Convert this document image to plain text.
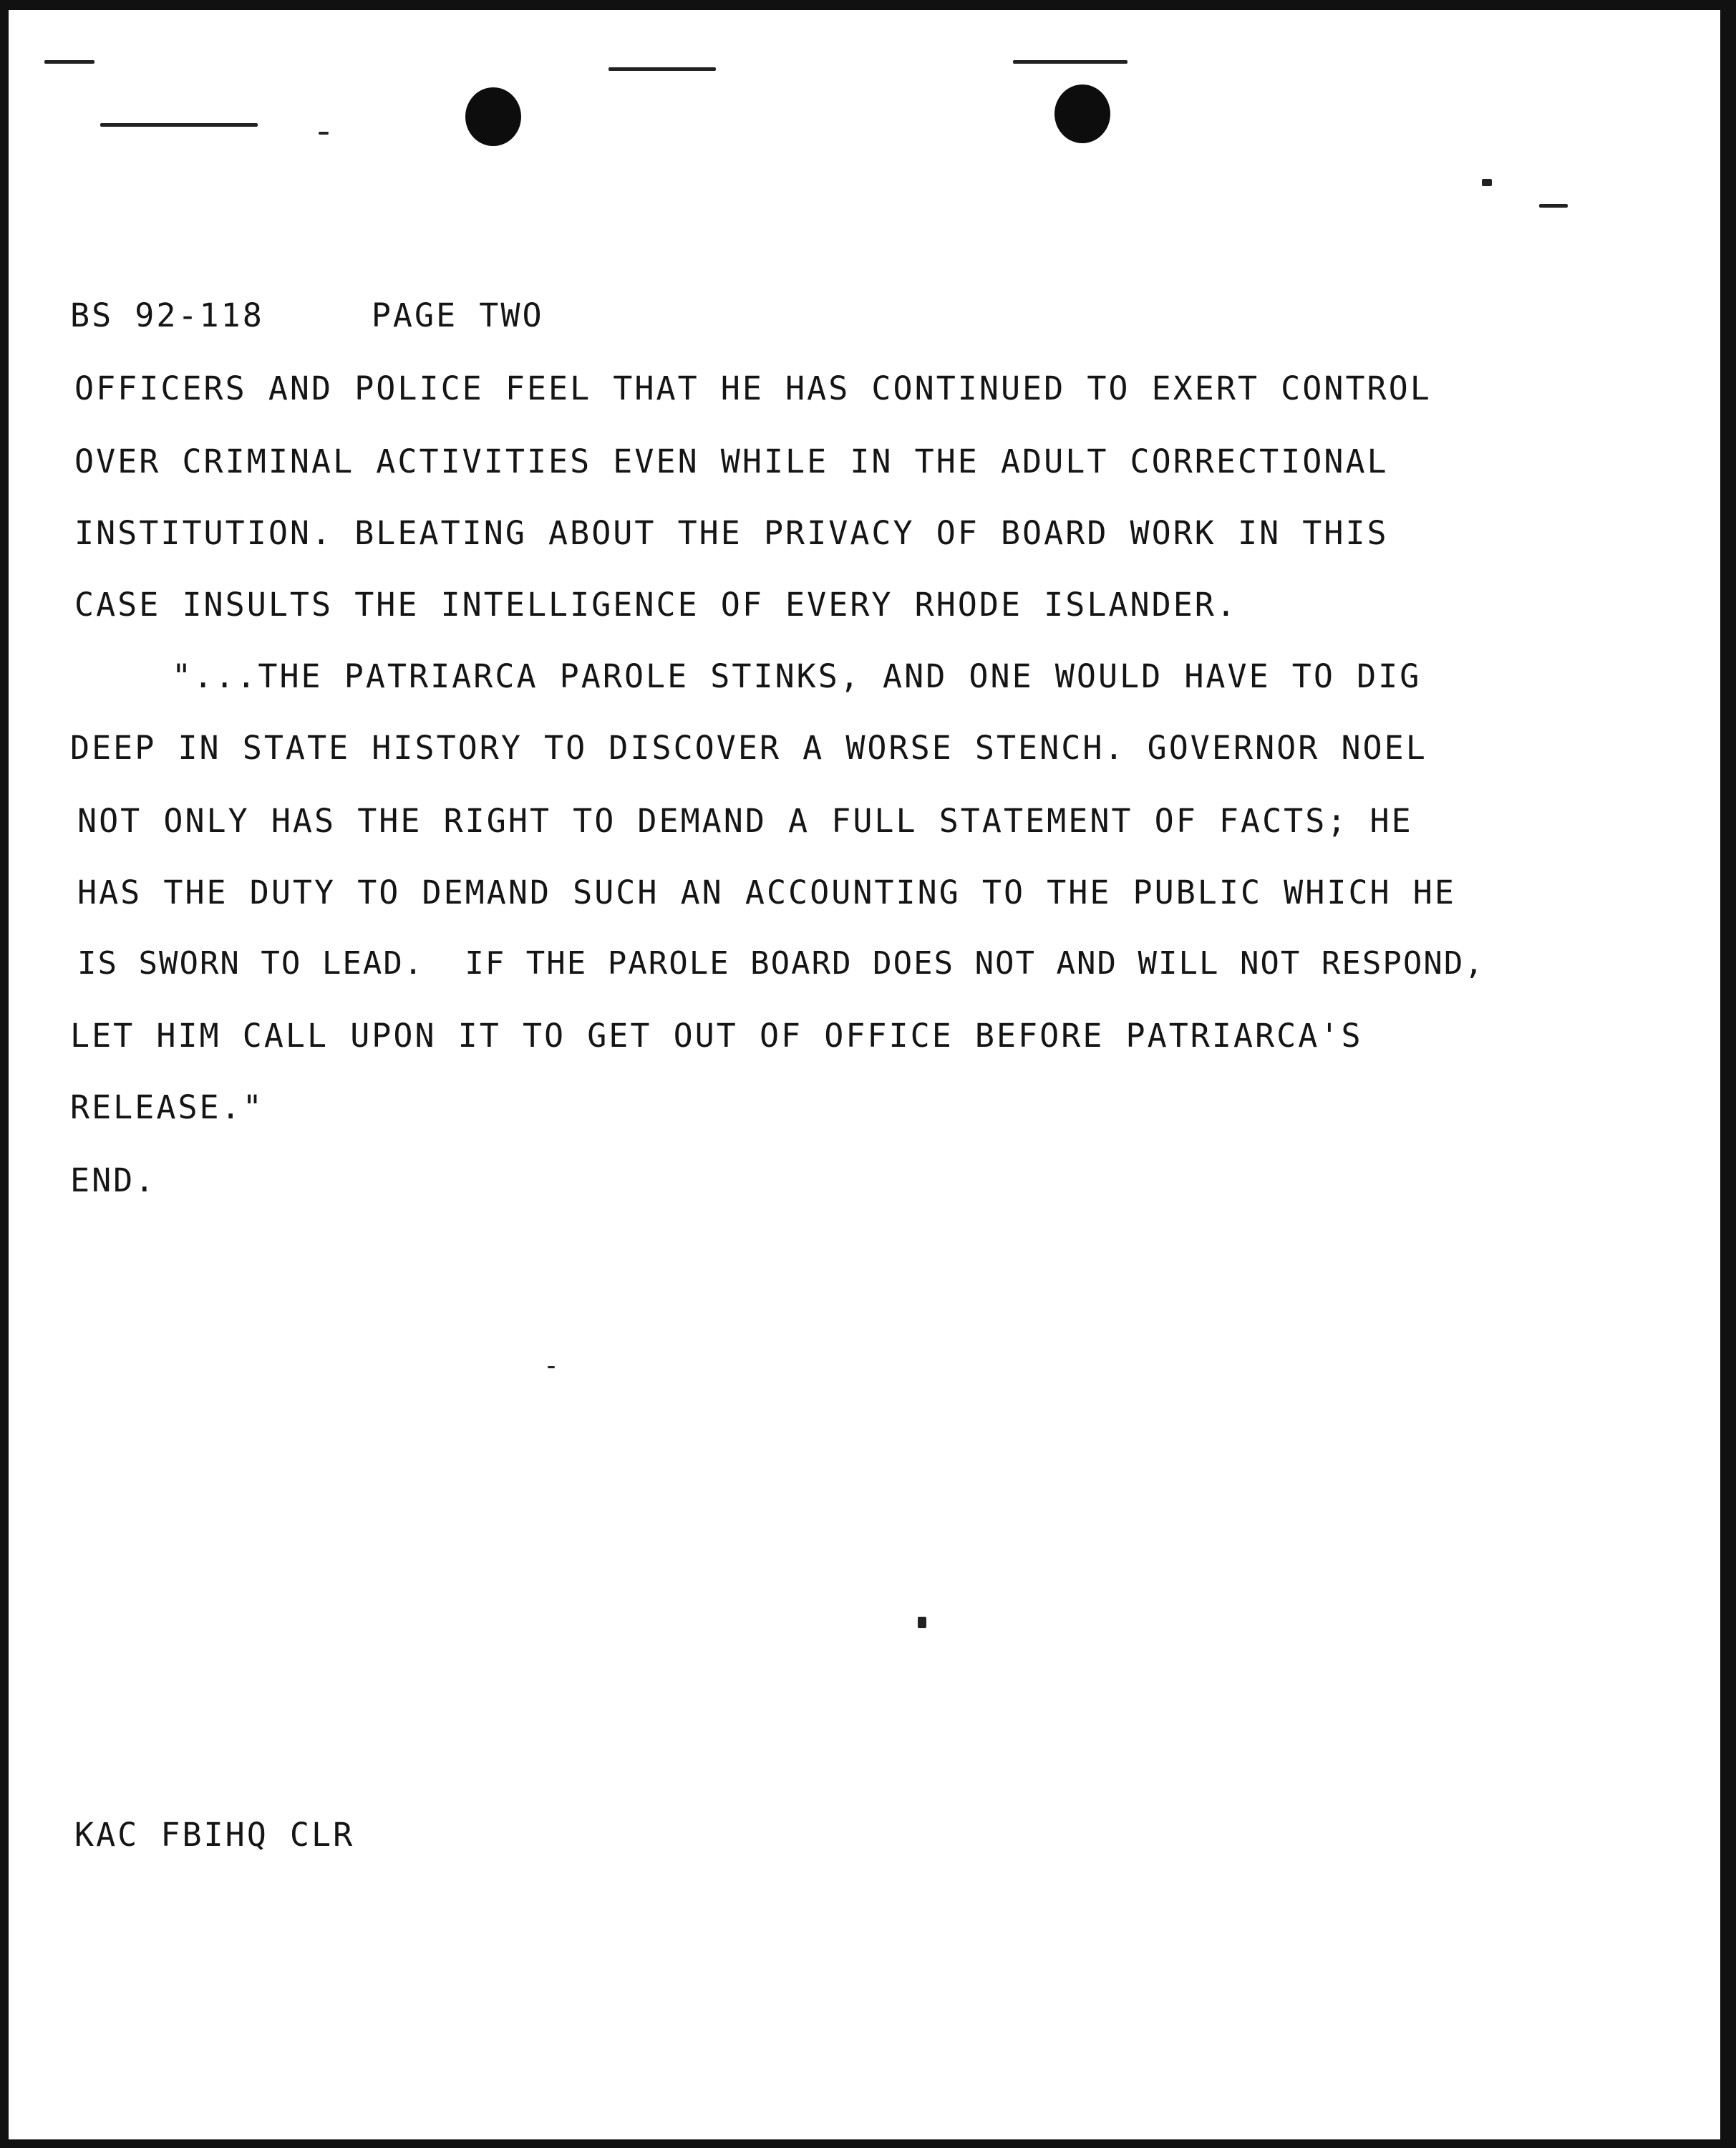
BS 92-118	PAGE TWO
OFFICERS AND POLICE FEEL THAT HE HAS CONTINUED TO EXERT CONTROL
OVER CRIMINAL ACTIVITIES EVEN WHILE IN THE ADULT CORRECTIONAL
INSTITUTION. BLEATING ABOUT THE PRIVACY OF BOARD WORK IN THIS
CASE INSULTS THE INTELLIGENCE OF EVERY RHODE ISLANDER.
"...THE PATRIARCA PAROLE STINKS, AND ONE WOULD HAVE TO DIG
DEEP IN STATE HISTORY TO DISCOVER A WORSE STENCH. GOVERNOR NOEL
NOT ONLY HAS THE RIGHT TO DEMAND A FULL STATEMENT OF FACTS; HE
HAS THE DUTY TO DEMAND SUCH AN ACCOUNTING TO THE PUBLIC WHICH HE
IS SWORN TO LEAD.  IF THE PAROLE BOARD DOES NOT AND WILL NOT RESPOND,
LET HIM CALL UPON IT TO GET OUT OF OFFICE BEFORE PATRIARCA'S
RELEASE."
END.
KAC FBIHQ CLR
